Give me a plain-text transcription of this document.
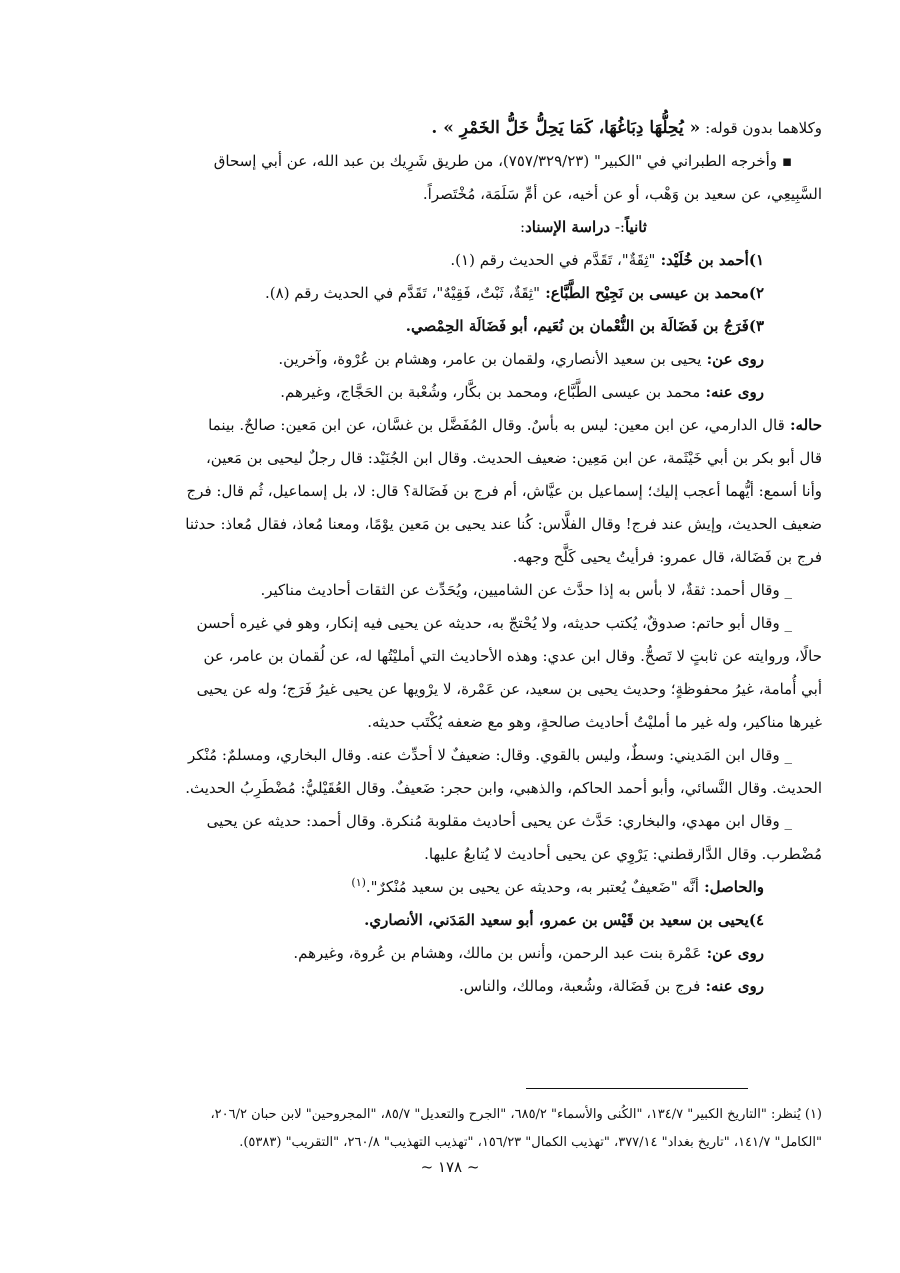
وكلاهما بدون قوله: « يُحِلُّهَا دِبَاغُهَا، كَمَا يَحِلُّ خَلُّ الخَمْرِ » .

▪ وأخرجه الطبراني في "الكبير" (٧٥٧/٣٢٩/٢٣)، من طريق شَرِيك بن عبد الله، عن أبي إسحاق

السَّبِيعِي، عن سعيد بن وَهْب، أو عن أخيه، عن أمِّ سَلَمَة، مُخْتَصراً.

ثانياً:- دراسة الإسناد:

١)أحمد بن خُلَيْد: "ثِقَةٌ"، تَقَدَّم في الحديث رقم (١).

٢)محمد بن عيسى بن نَجِيْح الطَّبَّاع: "ثِقَةٌ، ثَبْتٌ، فَقِيْهٌ"، تَقَدَّم في الحديث رقم (٨).

٣)فَرَجُ بن فَضَالَة بن النُّعْمان بن نُعَيم، أبو فَضَالَة الحِمْصي.

روى عن: يحيى بن سعيد الأنصاري، ولقمان بن عامر، وهشام بن عُرْوة، وآخرين.

روى عنه: محمد بن عيسى الطَّبَّاع، ومحمد بن بكَّار، وشُعْبة بن الحَجَّاج، وغيرهم.

حاله: قال الدارمي، عن ابن معين: ليس به بأسٌ. وقال المُفَضَّل بن غسَّان، عن ابن مَعين: صالحٌ. بينما

قال أبو بكر بن أبي خَيْثَمة، عن ابن مَعِين: ضعيف الحديث. وقال ابن الجُنَيْد: قال رجلٌ ليحيى بن مَعين،

وأنا أسمع: أيُّهما أعجب إليك؛ إسماعيل بن عيَّاش، أم فرج بن فَضَالة؟ قال: لا، بل إسماعيل، ثُم قال: فرج

ضعيف الحديث، وإيش عند فرج! وقال الفلَّاس: كُنا عند يحيى بن مَعين يوْمًا، ومعنا مُعاذ، فقال مُعاذ: حدثنا

فرج بن فَضَالة، قال عمرو: فرأيتُ يحيى كَلَّح وجهه.

_ وقال أحمد: ثقةٌ، لا بأس به إذا حدَّث عن الشاميين، ويُحَدِّث عن الثقات أحاديث مناكير.

_ وقال أبو حاتم: صدوقٌ، يُكتب حديثه، ولا يُحْتجّ به، حديثه عن يحيى فيه إنكار، وهو في غيره أحسن

حالًا، وروايته عن ثابتٍ لا تَصحُّ. وقال ابن عدي: وهذه الأحاديث التي أمليْتُها له، عن لُقمان بن عامر، عن

أبي أُمامة، غيرُ محفوظةٍ؛ وحديث يحيى بن سعيد، عن عَمْرة، لا يرْويها عن يحيى غيرُ فَرَج؛ وله عن يحيى

غيرها مناكير، وله غير ما أمليْتُ أحاديث صالحةٍ، وهو مع ضعفه يُكْتَب حديثه.

_ وقال ابن المَديني: وسطٌ، وليس بالقوي. وقال: ضعيفٌ لا أحدِّث عنه. وقال البخاري، ومسلمٌ: مُنْكر

الحديث. وقال النَّسائي، وأبو أحمد الحاكم، والذهبي، وابن حجر: ضَعيفٌ. وقال العُقَيْليُّ: مُضْطَرِبُ الحديث.

_ وقال ابن مهدي، والبخاري: حَدَّث عن يحيى أحاديث مقلوبة مُنكرة. وقال أحمد: حديثه عن يحيى

مُضْطرب. وقال الدَّارقطني: يَرْوِي عن يحيى أحاديث لا يُتابعُ عليها.

والحاصل: أنَّه "ضَعيفٌ يُعتبر به، وحديثه عن يحيى بن سعيد مُنْكرٌ".$^{(١)}$

٤)يحيى بن سعيد بن قَيْس بن عمرو، أبو سعيد المَدَني، الأنصاري.

روى عن: عَمْرة بنت عبد الرحمن، وأنس بن مالك، وهشام بن عُروة، وغيرهم.

روى عنه: فرج بن فَضَالة، وشُعبة، ومالك، والناس.

(١) يُنظر: "التاريخ الكبير" ١٣٤/٧، "الكُنى والأسماء" ٦٨٥/٢، "الجرح والتعديل" ٨٥/٧، "المجروحين" لابن حبان ٢٠٦/٢،

"الكامل" ١٤١/٧، "تاريخ بغداد" ٣٧٧/١٤، "تهذيب الكمال" ١٥٦/٢٣، "تهذيب التهذيب" ٢٦٠/٨، "التقريب" (٥٣٨٣).

~ ١٧٨ ~
